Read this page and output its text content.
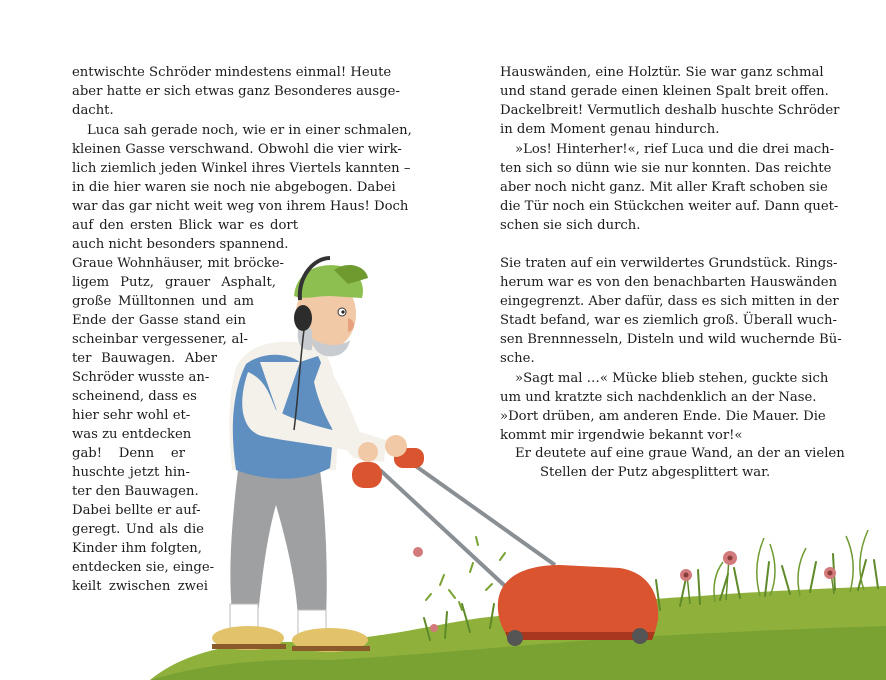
entwischte Schröder mindestens einmal! Heute
aber hatte er sich etwas ganz Besonderes ausge-
dacht.
Luca sah gerade noch, wie er in einer schmalen,
kleinen Gasse verschwand. Obwohl die vier wirk-
lich ziemlich jeden Winkel ihres Viertels kannten –
in die hier waren sie noch nie abgebogen. Dabei
war das gar nicht weit weg von ihrem Haus! Doch
auf den ersten Blick war es dort
auch nicht besonders spannend.
Graue Wohnhäuser, mit bröcke-
ligem Putz, grauer Asphalt,
große Mülltonnen und am
Ende der Gasse stand ein
scheinbar vergessener, al-
ter Bauwagen. Aber
Schröder wusste an-
scheinend, dass es
hier sehr wohl et-
was zu entdecken
gab! Denn er
huschte jetzt hin-
ter den Bauwagen.
Dabei bellte er auf-
geregt. Und als die
Kinder ihm folgten,
entdecken sie, einge-
keilt zwischen zwei
Hauswänden, eine Holztür. Sie war ganz schmal
und stand gerade einen kleinen Spalt breit offen.
Dackelbreit! Vermutlich deshalb huschte Schröder
in dem Moment genau hindurch.
»Los! Hinterher!«, rief Luca und die drei mach-
ten sich so dünn wie sie nur konnten. Das reichte
aber noch nicht ganz. Mit aller Kraft schoben sie
die Tür noch ein Stückchen weiter auf. Dann quet-
schen sie sich durch.
Sie traten auf ein verwildertes Grundstück. Rings-
herum war es von den benachbarten Hauswänden
eingegrenzt. Aber dafür, dass es sich mitten in der
Stadt befand, war es ziemlich groß. Überall wuch-
sen Brennnesseln, Disteln und wild wuchernde Bü-
sche.
»Sagt mal …« Mücke blieb stehen, guckte sich
um und kratzte sich nachdenklich an der Nase.
»Dort drüben, am anderen Ende. Die Mauer. Die
kommt mir irgendwie bekannt vor!«
Er deutete auf eine graue Wand, an der an vielen
Stellen der Putz abgesplittert war.
